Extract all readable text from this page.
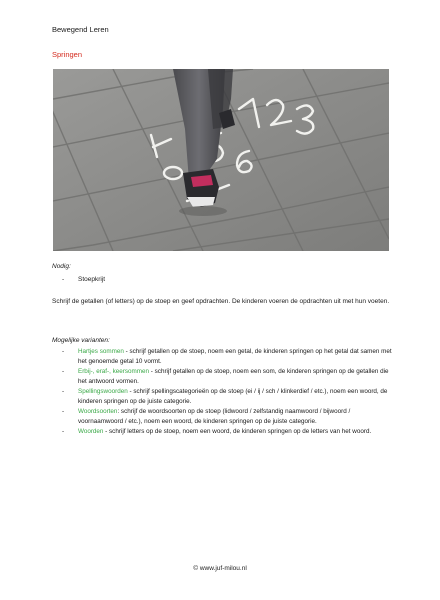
Bewegend Leren
Springen
Nodig:
-	Stoepkrijt
Schrijf de getallen (of letters) op de stoep en geef opdrachten. De kinderen voeren de opdrachten uit met hun voeten.
Mogelijke varianten:
-	Hartjes sommen - schrijf getallen op de stoep, noem een getal, de kinderen springen op het getal dat samen met het genoemde getal 10 vormt.
-	Erbij-, eraf-, keersommen - schrijf getallen op de stoep, noem een som, de kinderen springen op de getallen die het antwoord vormen.
-	Spellingswoorden - schrijf spellingscategorieën op de stoep (ei / ij / sch / klinkerdief / etc.), noem een woord, de kinderen springen op de juiste categorie.
-	Woordsoorten: schrijf de woordsoorten op de stoep (lidwoord / zelfstandig naamwoord / bijwoord / voornaamwoord / etc.), noem een woord, de kinderen springen op de juiste categorie.
-	Woorden - schrijf letters op de stoep, noem een woord, de kinderen springen op de letters van het woord.
© www.juf-milou.nl
